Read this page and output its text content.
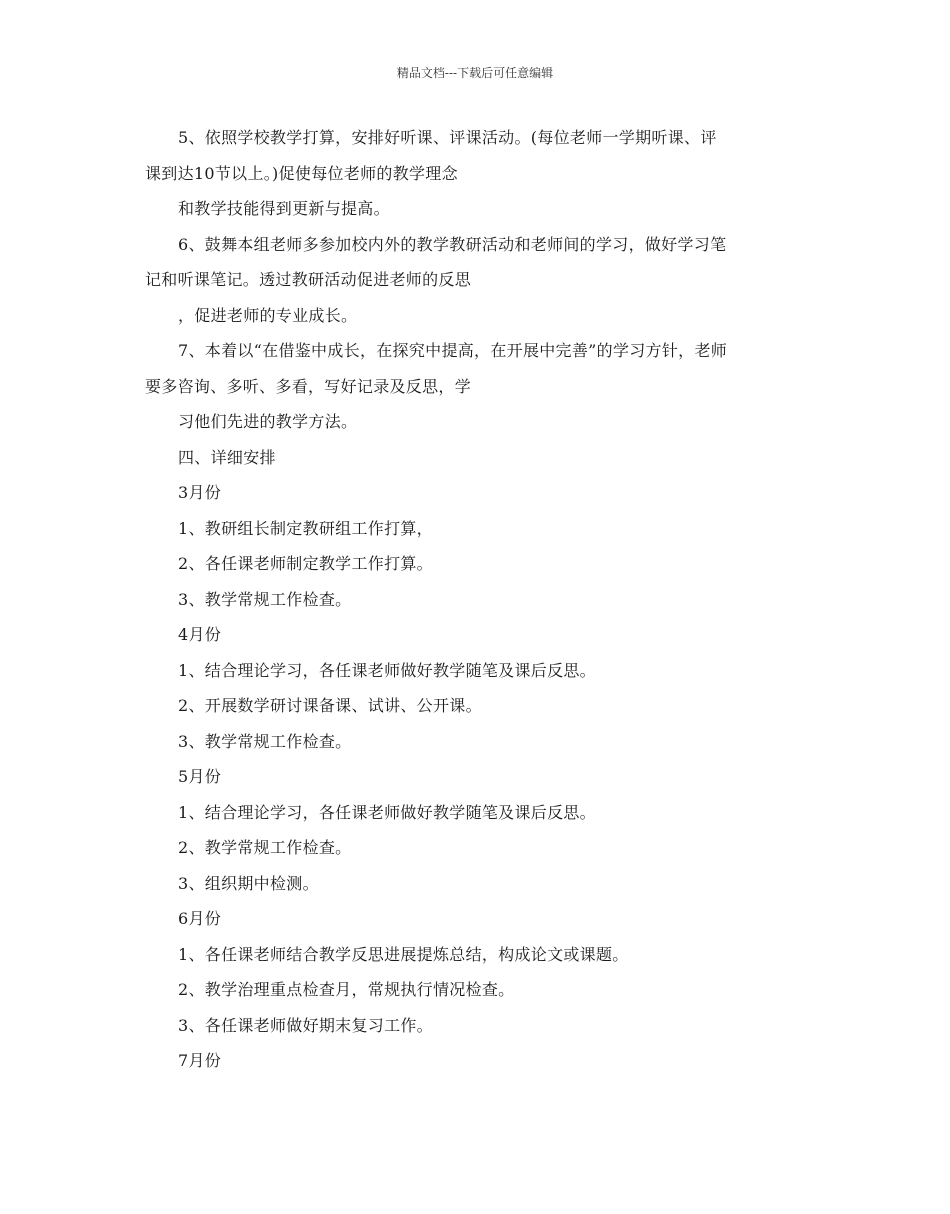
精品文档---下载后可任意编辑

5、依照学校教学打算，安排好听课、评课活动。(每位老师一学期听课、评

课到达10节以上。)促使每位老师的教学理念

和教学技能得到更新与提高。

6、鼓舞本组老师多参加校内外的教学教研活动和老师间的学习，做好学习笔

记和听课笔记。透过教研活动促进老师的反思

，促进老师的专业成长。

7、本着以“在借鉴中成长，在探究中提高，在开展中完善”的学习方针，老师

要多咨询、多听、多看，写好记录及反思，学

习他们先进的教学方法。

四、详细安排

3月份

1、教研组长制定教研组工作打算，

2、各任课老师制定教学工作打算。

3、教学常规工作检查。

4月份

1、结合理论学习，各任课老师做好教学随笔及课后反思。

2、开展数学研讨课备课、试讲、公开课。

3、教学常规工作检查。

5月份

1、结合理论学习，各任课老师做好教学随笔及课后反思。

2、教学常规工作检查。

3、组织期中检测。

6月份

1、各任课老师结合教学反思进展提炼总结，构成论文或课题。

2、教学治理重点检查月，常规执行情况检查。

3、各任课老师做好期末复习工作。

7月份
